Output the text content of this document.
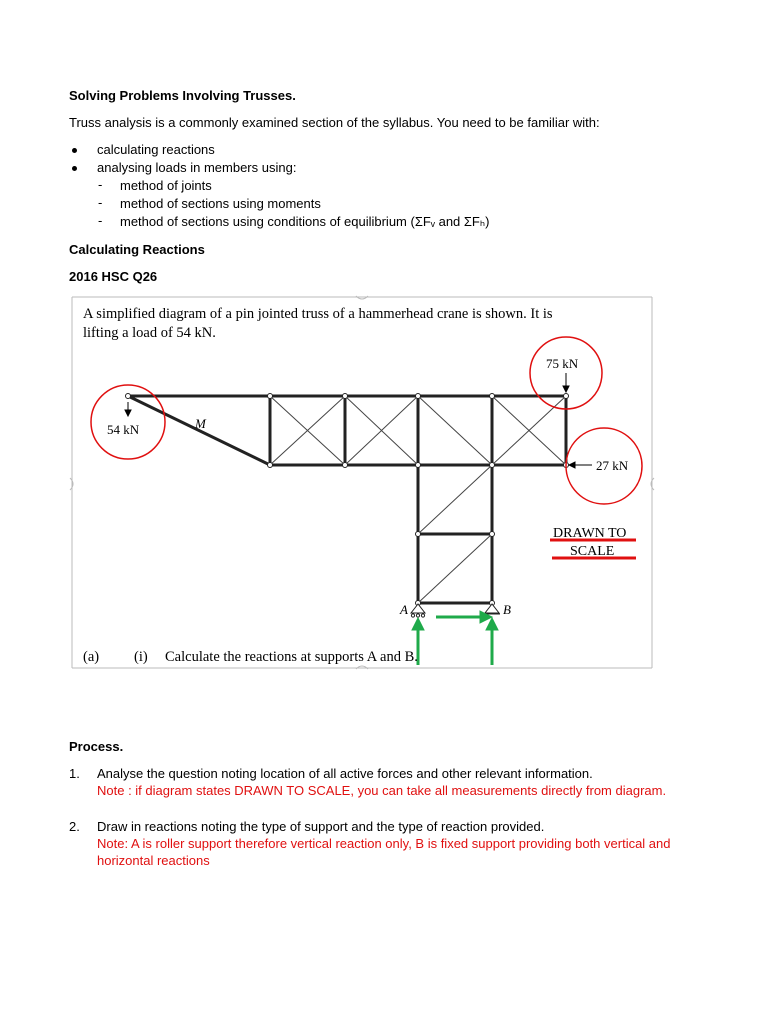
Solving Problems Involving Trusses.
Truss analysis is a commonly examined section of the syllabus. You need to be familiar with:
calculating reactions
analysing loads in members using:
- method of joints
- method of sections using moments
- method of sections using conditions of equilibrium (ΣFᵥ and ΣFₕ)
Calculating Reactions
2016 HSC Q26
A simplified diagram of a pin jointed truss of a hammerhead crane is shown. It is
lifting a load of 54 kN.
54 kN
75 kN
27 kN
M
DRAWN TO
SCALE
A	B
(a) (i) Calculate the reactions at supports A and B.
Process.
1. Analyse the question noting location of all active forces and other relevant information.
Note : if diagram states DRAWN TO SCALE, you can take all measurements directly from diagram.
2. Draw in reactions noting the type of support and the type of reaction provided.
Note: A is roller support therefore vertical reaction only, B is fixed support providing both vertical and
horizontal reactions
